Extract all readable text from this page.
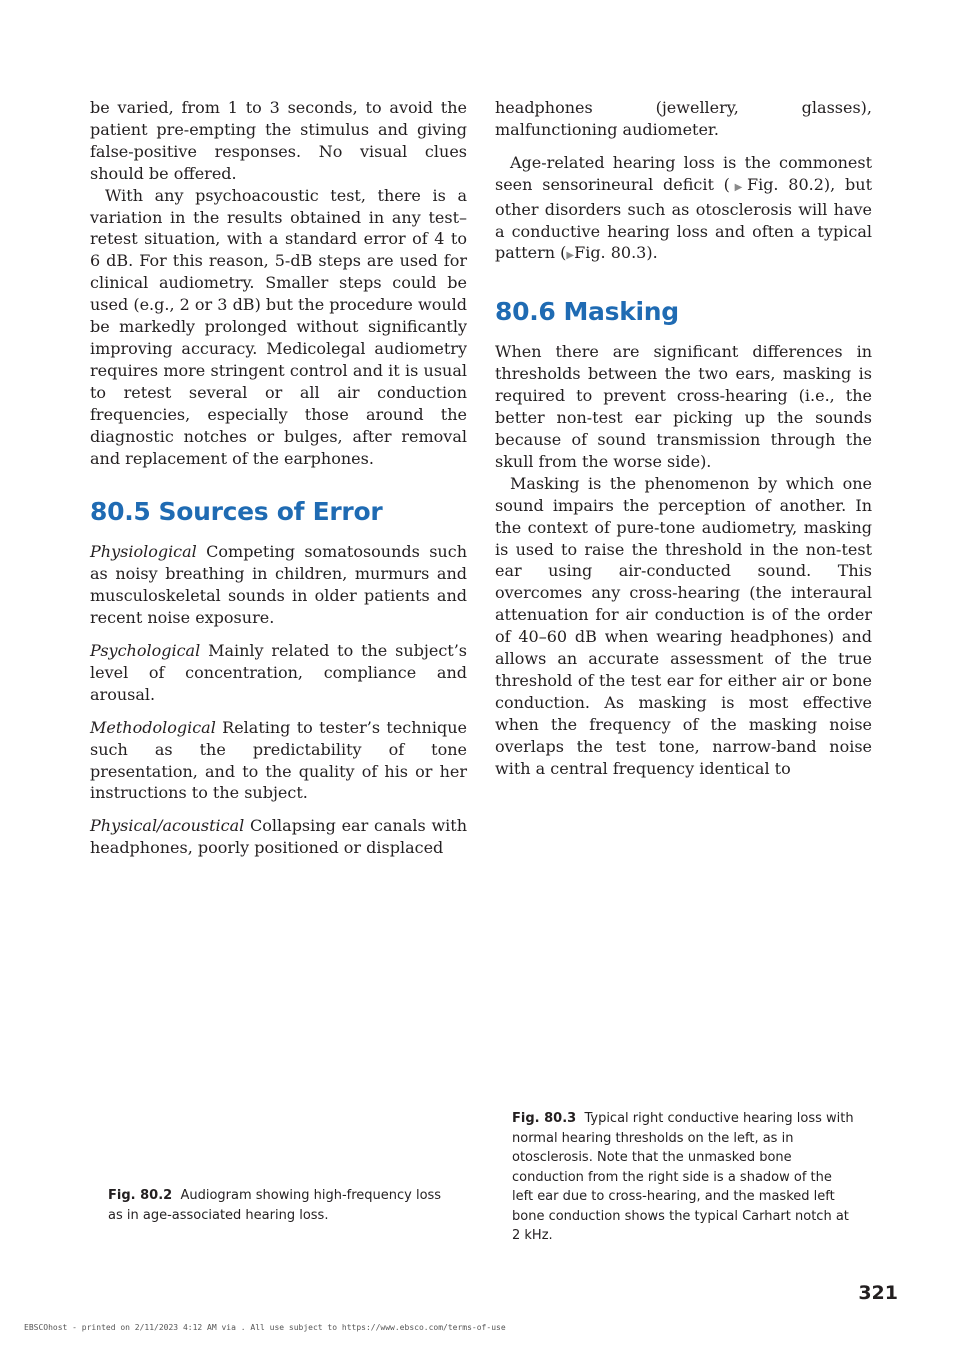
be varied, from 1 to 3 seconds, to avoid the patient pre-empting the stimulus and giving false-positive responses. No visual clues should be offered.

With any psychoacoustic test, there is a variation in the results obtained in any test–retest situation, with a standard error of 4 to 6 dB. For this reason, 5-dB steps are used for clinical audiometry. Smaller steps could be used (e.g., 2 or 3 dB) but the procedure would be markedly prolonged without significantly improving accuracy. Medicolegal audiometry requires more stringent control and it is usual to retest several or all air conduction frequencies, especially those around the diagnostic notches or bulges, after removal and replacement of the earphones.

80.5 Sources of Error

Physiological Competing somatosounds such as noisy breathing in children, murmurs and musculoskeletal sounds in older patients and recent noise exposure.

Psychological Mainly related to the subject’s level of concentration, compliance and arousal.

Methodological Relating to tester’s technique such as the predictability of tone presentation, and to the quality of his or her instructions to the subject.

Physical/acoustical Collapsing ear canals with headphones, poorly positioned or displaced

headphones (jewellery, glasses), malfunctioning audiometer.

Age-related hearing loss is the commonest seen sensorineural deficit (▶Fig. 80.2), but other disorders such as otosclerosis will have a conductive hearing loss and often a typical pattern (▶Fig. 80.3).

80.6 Masking

When there are significant differences in thresholds between the two ears, masking is required to prevent cross-hearing (i.e., the better non-test ear picking up the sounds because of sound transmission through the skull from the worse side).

Masking is the phenomenon by which one sound impairs the perception of another. In the context of pure-tone audiometry, masking is used to raise the threshold in the non-test ear using air-conducted sound. This overcomes any cross-hearing (the interaural attenuation for air conduction is of the order of 40–60 dB when wearing headphones) and allows an accurate assessment of the true threshold of the test ear for either air or bone conduction. As masking is most effective when the frequency of the masking noise overlaps the test tone, narrow-band noise with a central frequency identical to

Fig. 80.2 Audiogram showing high-frequency loss as in age-associated hearing loss.
Fig. 80.3 Typical right conductive hearing loss with normal hearing thresholds on the left, as in otosclerosis. Note that the unmasked bone conduction from the right side is a shadow of the left ear due to cross-hearing, and the masked left bone conduction shows the typical Carhart notch at 2 kHz.
321
EBSCOhost - printed on 2/11/2023 4:12 AM via . All use subject to https://www.ebsco.com/terms-of-use
